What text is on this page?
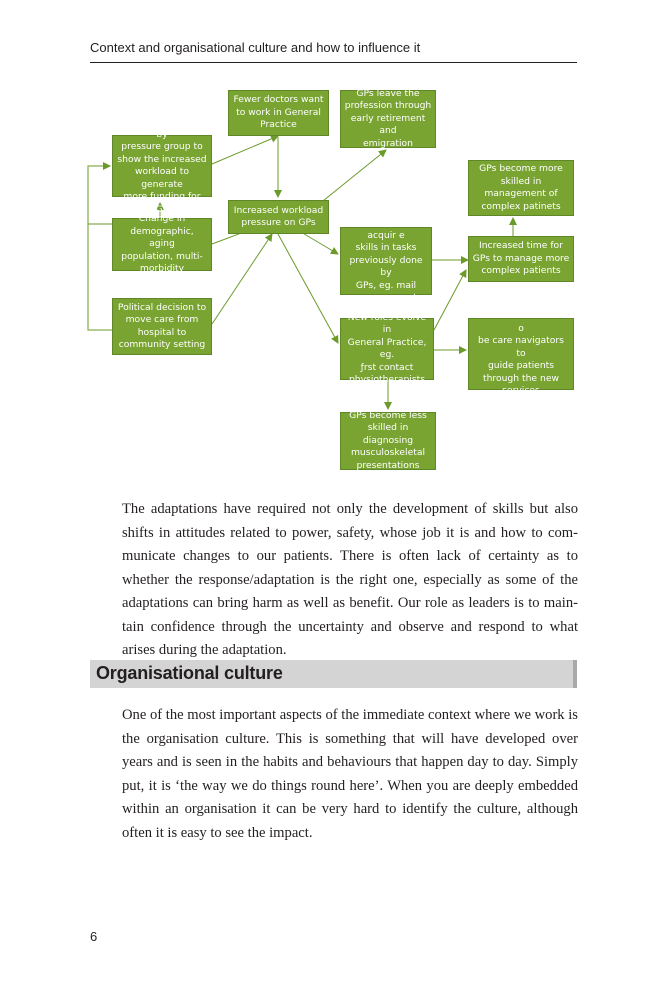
Context and organisational culture and how to influence it
National campaign by
pressure group to
show the increased
workload to generate
more funding for GP
Change in
demographic, aging
population, multi-
morbidity
Political decision to
move care from
hospital to
community setting
Fewer doctors want
to work in General
Practice
GPs leave the
profession through
early retirement and
emigration
Increased workload
pressure on GPs	Practice staˆ acquir e
skills in tasks
previously done by
GPs, eg. mail
management
New roles evolve in
General Practice, eg.
ƒrst contact
physiotherapists
GPs become less
skilled in diagnosing
musculoskeletal
presentations
GPs become more
skilled in
management of
complex patinets
Increased time for
GPs to manage more
complex patients
Practice staˆ learn t o
be care navigators to
guide patients
through the new
services
The adaptations have required not only the development of skills but also shifts in attitudes related to power, safety, whose job it is and how to communicate changes to our patients. There is often lack of certainty as to whether the response/adaptation is the right one, especially as some of the adaptations can bring harm as well as benefit. Our role as leaders is to maintain confidence through the uncertainty and observe and respond to what arises during the adaptation.
Organisational culture
One of the most important aspects of the immediate context where we work is the organisation culture. This is something that will have developed over years and is seen in the habits and behaviours that happen day to day. Simply put, it is ‘the way we do things round here’. When you are deeply embedded within an organisation it can be very hard to identify the culture, although often it is easy to see the impact.
6
